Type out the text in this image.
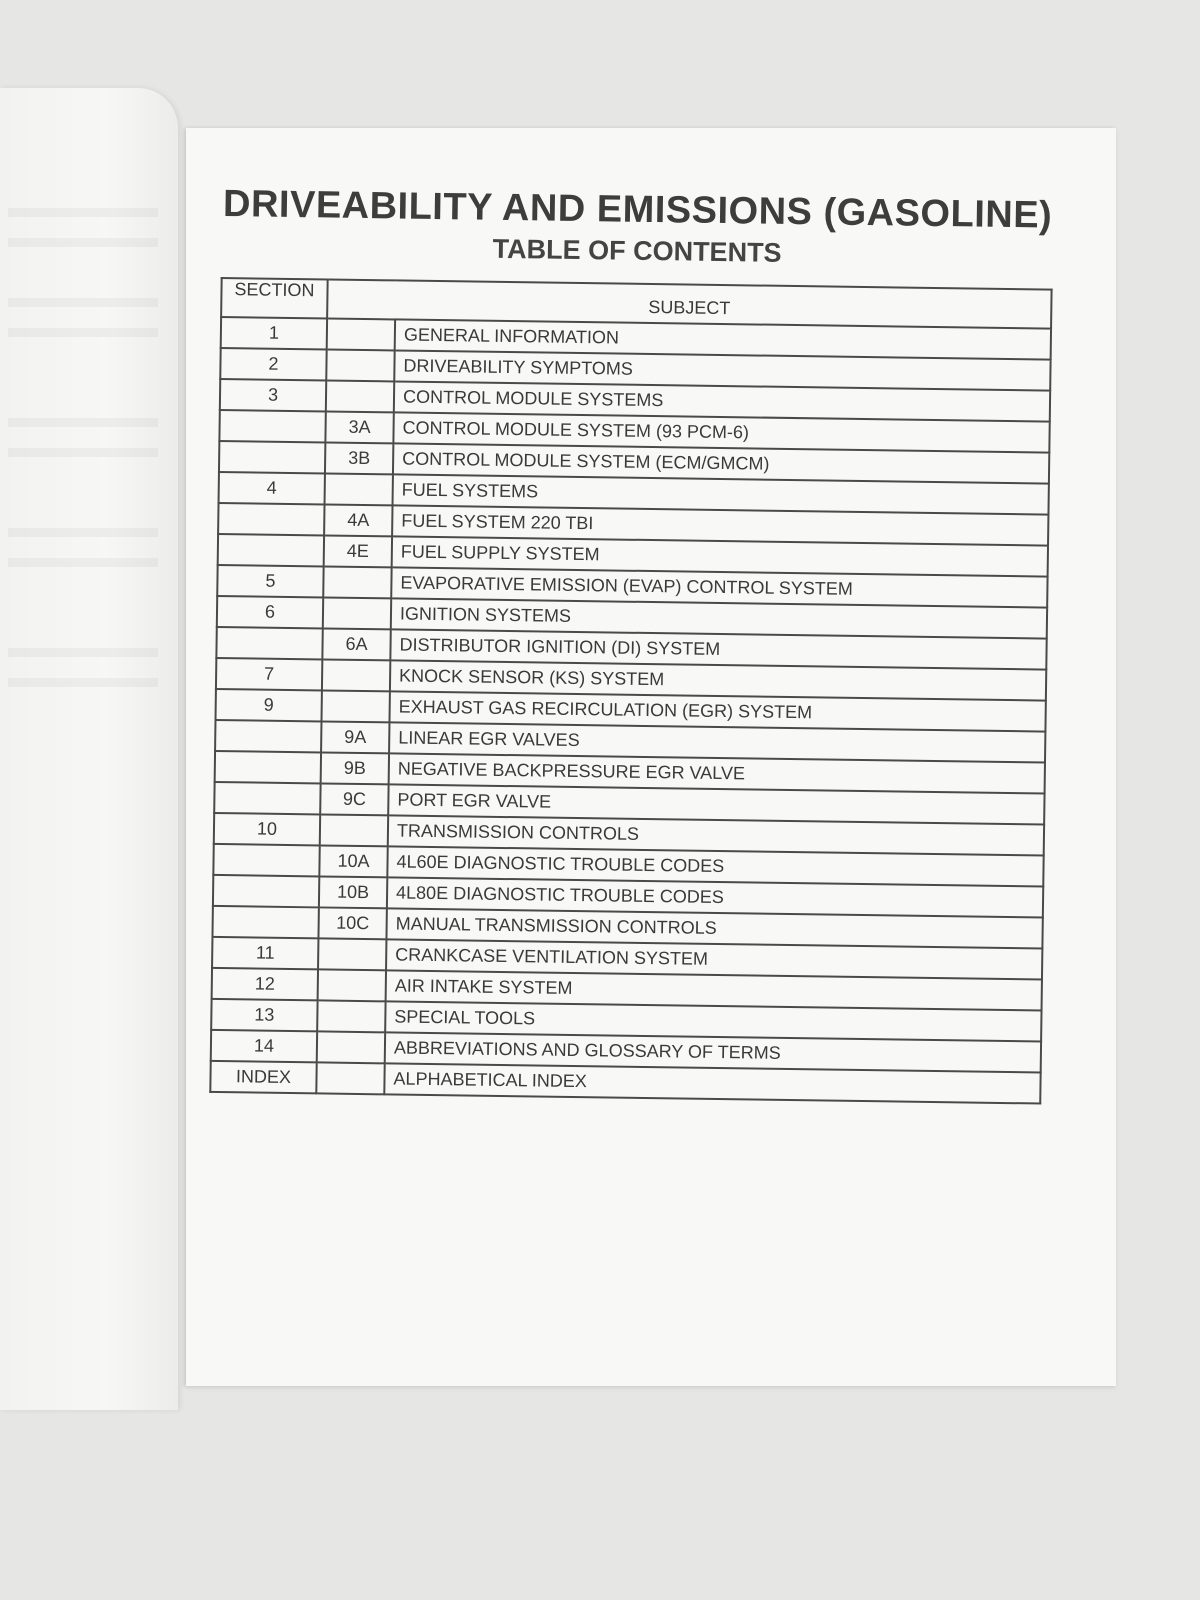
DRIVEABILITY AND EMISSIONS (GASOLINE)
TABLE OF CONTENTS
SECTION	SUBJECT	
1		GENERAL INFORMATION
2		DRIVEABILITY SYMPTOMS
3		CONTROL MODULE SYSTEMS
	3A	CONTROL MODULE SYSTEM (93 PCM-6)
	3B	CONTROL MODULE SYSTEM (ECM/GMCM)
4		FUEL SYSTEMS
	4A	FUEL SYSTEM 220 TBI
	4E	FUEL SUPPLY SYSTEM
5		EVAPORATIVE EMISSION (EVAP) CONTROL SYSTEM
6		IGNITION SYSTEMS
	6A	DISTRIBUTOR IGNITION (DI) SYSTEM
7		KNOCK SENSOR (KS) SYSTEM
9		EXHAUST GAS RECIRCULATION (EGR) SYSTEM
	9A	LINEAR EGR VALVES
	9B	NEGATIVE BACKPRESSURE EGR VALVE
	9C	PORT EGR VALVE
10		TRANSMISSION CONTROLS
	10A	4L60E DIAGNOSTIC TROUBLE CODES
	10B	4L80E DIAGNOSTIC TROUBLE CODES
	10C	MANUAL TRANSMISSION CONTROLS
11		CRANKCASE VENTILATION SYSTEM
12		AIR INTAKE SYSTEM
13		SPECIAL TOOLS
14		ABBREVIATIONS AND GLOSSARY OF TERMS
INDEX		ALPHABETICAL INDEX
